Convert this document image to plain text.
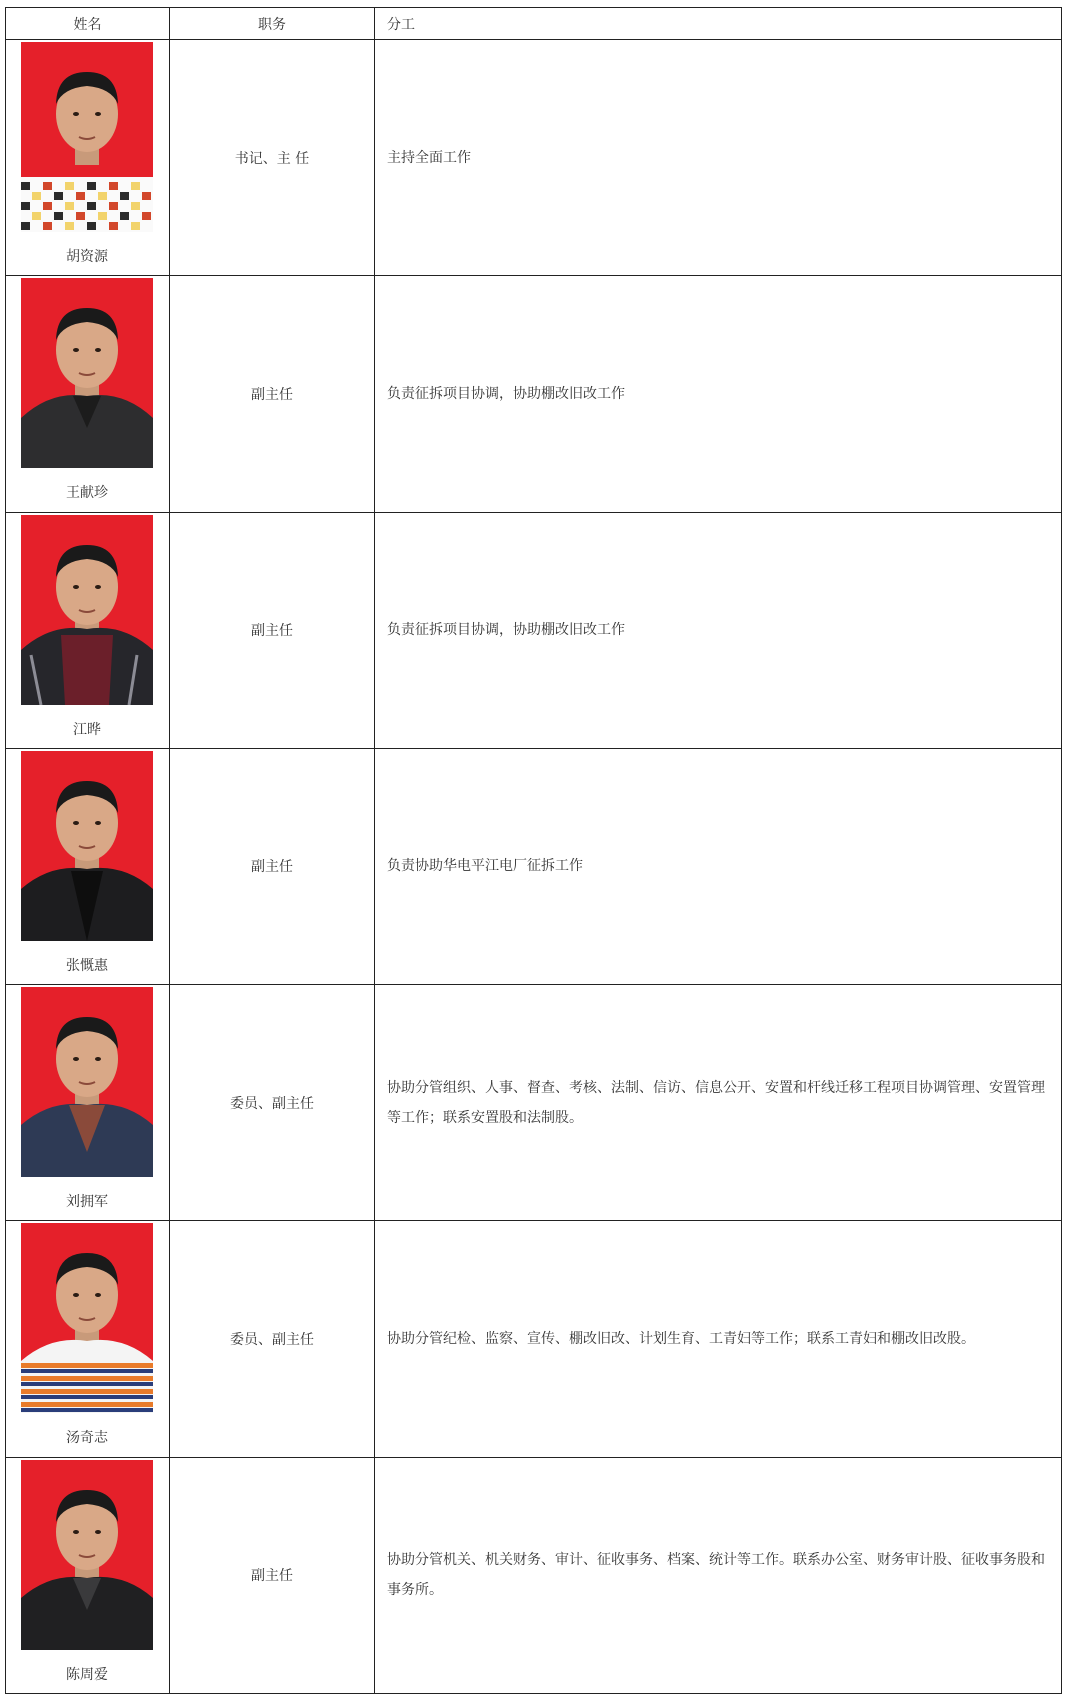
姓名	职务	分工

胡资源	书记、主 任	主持全面工作

王献珍	副主任	负责征拆项目协调，协助棚改旧改工作

江晔	副主任	负责征拆项目协调，协助棚改旧改工作

张慨惠	副主任	负责协助华电平江电厂征拆工作

刘拥军	委员、副主任	协助分管组织、人事、督查、考核、法制、信访、信息公开、安置和杆线迁移工程项目协调管理、安置管理等工作；联系安置股和法制股。

汤奇志	委员、副主任	协助分管纪检、监察、宣传、棚改旧改、计划生育、工青妇等工作；联系工青妇和棚改旧改股。

陈周爱	副主任	协助分管机关、机关财务、审计、征收事务、档案、统计等工作。联系办公室、财务审计股、征收事务股和事务所。
